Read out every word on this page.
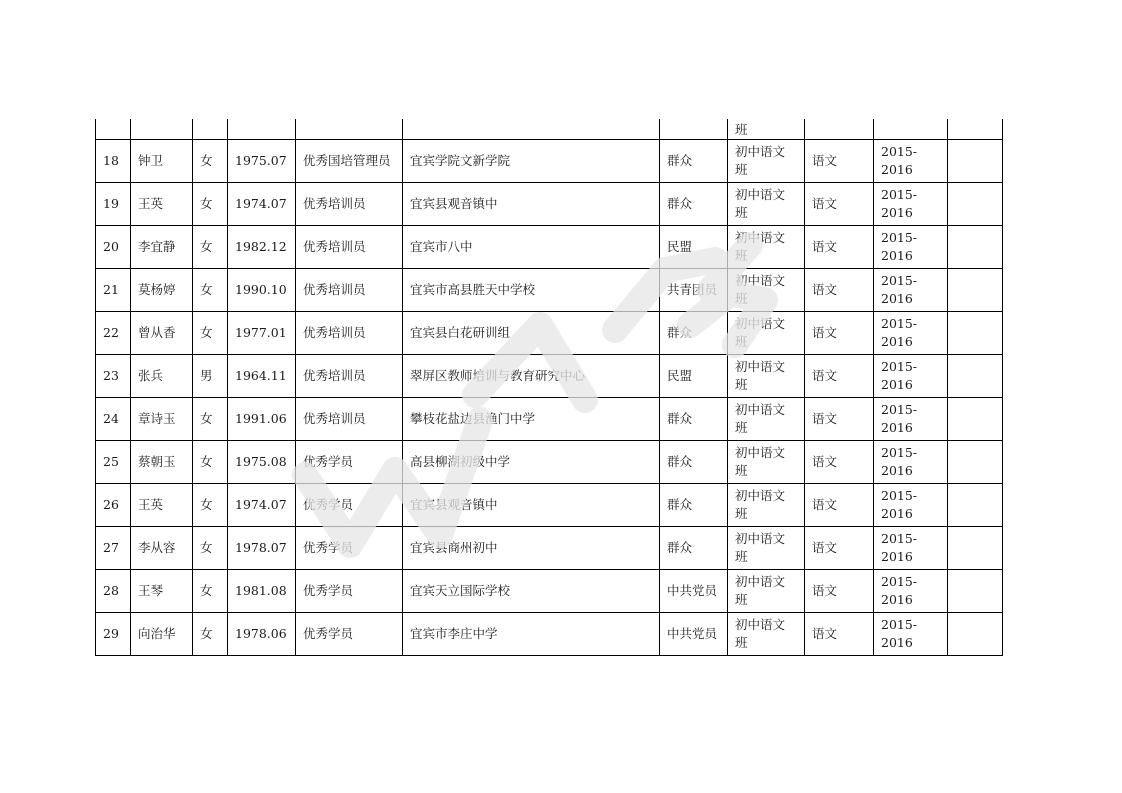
							班			
18	钟卫	女	1975.07	优秀国培管理员	宜宾学院文新学院	群众	初中语文班	语文	2015-2016	
19	王英	女	1974.07	优秀培训员	宜宾县观音镇中	群众	初中语文班	语文	2015-2016	
20	李宜静	女	1982.12	优秀培训员	宜宾市八中	民盟	初中语文班	语文	2015-2016	
21	莫杨婷	女	1990.10	优秀培训员	宜宾市高县胜天中学校	共青团员	初中语文班	语文	2015-2016	
22	曾从香	女	1977.01	优秀培训员	宜宾县白花研训组	群众	初中语文班	语文	2015-2016	
23	张兵	男	1964.11	优秀培训员	翠屏区教师培训与教育研究中心	民盟	初中语文班	语文	2015-2016	
24	章诗玉	女	1991.06	优秀培训员	攀枝花盐边县渔门中学	群众	初中语文班	语文	2015-2016	
25	蔡朝玉	女	1975.08	优秀学员	高县柳湖初级中学	群众	初中语文班	语文	2015-2016	
26	王英	女	1974.07	优秀学员	宜宾县观音镇中	群众	初中语文班	语文	2015-2016	
27	李从容	女	1978.07	优秀学员	宜宾县商州初中	群众	初中语文班	语文	2015-2016	
28	王琴	女	1981.08	优秀学员	宜宾天立国际学校	中共党员	初中语文班	语文	2015-2016	
29	向治华	女	1978.06	优秀学员	宜宾市李庄中学	中共党员	初中语文班	语文	2015-2016	
